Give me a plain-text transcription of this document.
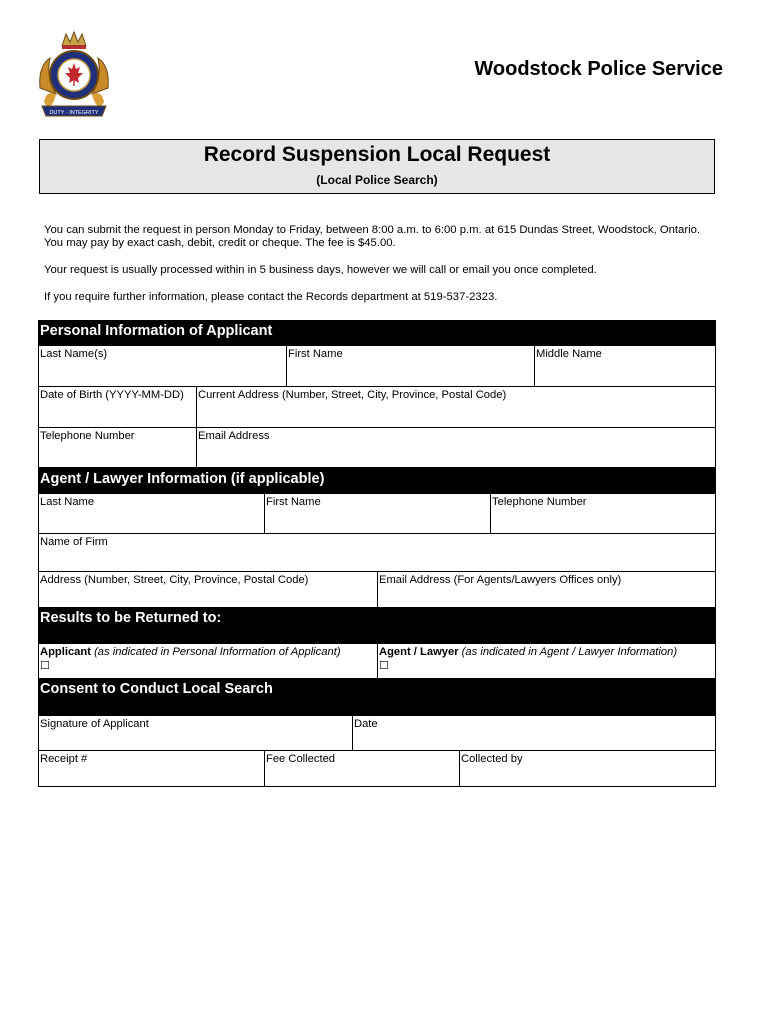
DUTY · INTEGRITY
Woodstock Police Service
Record Suspension Local Request
(Local Police Search)
You can submit the request in person Monday to Friday, between 8:00 a.m. to 6:00 p.m. at 615 Dundas Street, Woodstock, Ontario.
You may pay by exact cash, debit, credit or cheque. The fee is $45.00.
Your request is usually processed within in 5 business days, however we will call or email you once completed.
If you require further information, please contact the Records department at 519-537-2323.
Personal Information of Applicant
Last Name(s)	First Name	Middle Name
Date of Birth (YYYY-MM-DD)	Current Address (Number, Street, City, Province, Postal Code)
Telephone Number	Email Address
Agent / Lawyer Information (if applicable)
Last Name	First Name	Telephone Number
Name of Firm
Address (Number, Street, City, Province, Postal Code)	Email Address (For Agents/Lawyers Offices only)
Results to be Returned to:
Applicant (as indicated in Personal Information of Applicant)
☐
Agent / Lawyer (as indicated in Agent / Lawyer Information)
☐
Consent to Conduct Local Search
Signature of Applicant	Date
Receipt #	Fee Collected	Collected by
